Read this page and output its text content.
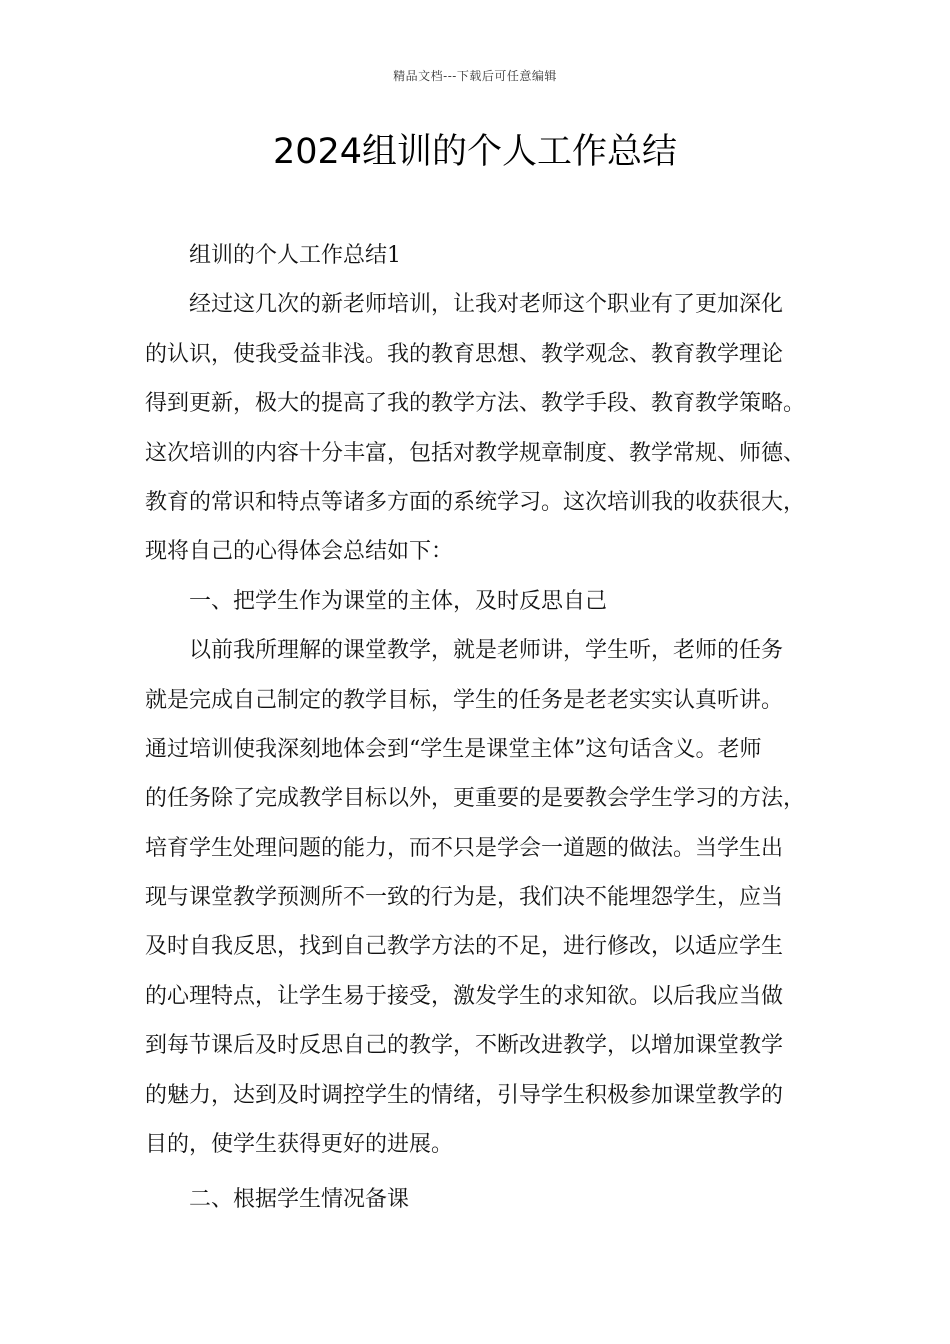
精品文档---下载后可任意编辑
2024组训的个人工作总结
组训的个人工作总结1
经过这几次的新老师培训，让我对老师这个职业有了更加深化
的认识，使我受益非浅。我的教育思想、教学观念、教育教学理论
得到更新，极大的提高了我的教学方法、教学手段、教育教学策略。
这次培训的内容十分丰富，包括对教学规章制度、教学常规、师德、
教育的常识和特点等诸多方面的系统学习。这次培训我的收获很大，
现将自己的心得体会总结如下：
一、把学生作为课堂的主体，及时反思自己
以前我所理解的课堂教学，就是老师讲，学生听，老师的任务
就是完成自己制定的教学目标，学生的任务是老老实实认真听讲。
通过培训使我深刻地体会到“学生是课堂主体”这句话含义。老师
的任务除了完成教学目标以外，更重要的是要教会学生学习的方法，
培育学生处理问题的能力，而不只是学会一道题的做法。当学生出
现与课堂教学预测所不一致的行为是，我们决不能埋怨学生，应当
及时自我反思，找到自己教学方法的不足，进行修改，以适应学生
的心理特点，让学生易于接受，激发学生的求知欲。以后我应当做
到每节课后及时反思自己的教学，不断改进教学，以增加课堂教学
的魅力，达到及时调控学生的情绪，引导学生积极参加课堂教学的
目的，使学生获得更好的进展。
二、根据学生情况备课
